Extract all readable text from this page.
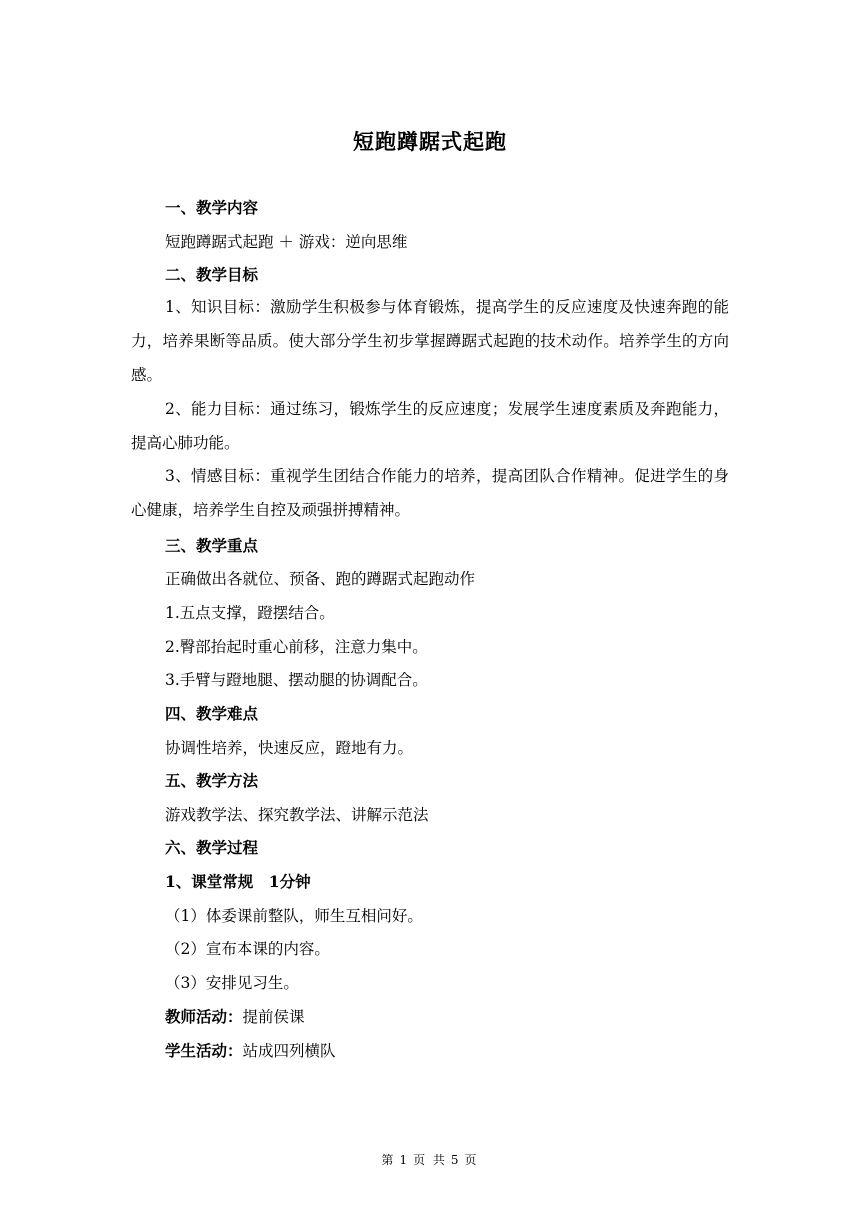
短跑蹲踞式起跑
一、教学内容
短跑蹲踞式起跑 ＋ 游戏：逆向思维
二、教学目标
1、知识目标：激励学生积极参与体育锻炼，提高学生的反应速度及快速奔跑的能力，培养果断等品质。使大部分学生初步掌握蹲踞式起跑的技术动作。培养学生的方向感。
2、能力目标：通过练习，锻炼学生的反应速度；发展学生速度素质及奔跑能力，提高心肺功能。
3、情感目标：重视学生团结合作能力的培养，提高团队合作精神。促进学生的身心健康，培养学生自控及顽强拼搏精神。
三、教学重点
正确做出各就位、预备、跑的蹲踞式起跑动作
1.五点支撑，蹬摆结合。
2.臀部抬起时重心前移，注意力集中。
3.手臂与蹬地腿、摆动腿的协调配合。
四、教学难点
协调性培养，快速反应，蹬地有力。
五、教学方法
游戏教学法、探究教学法、讲解示范法
六、教学过程
1、课堂常规　1分钟
（1）体委课前整队，师生互相问好。
（2）宣布本课的内容。
（3）安排见习生。
教师活动：提前侯课
学生活动：站成四列横队
第 1 页 共 5 页
